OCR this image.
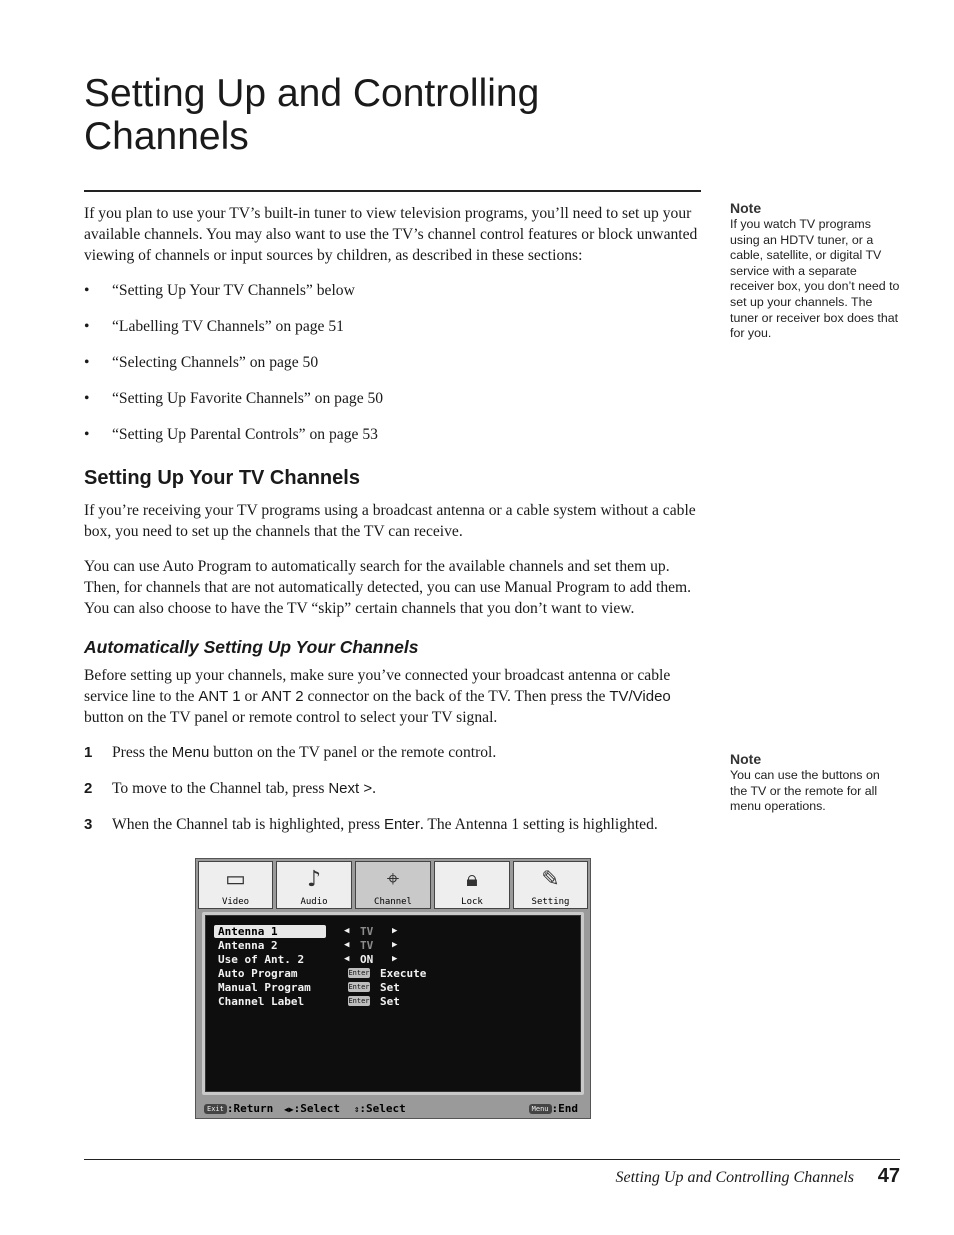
Setting Up and Controlling Channels

If you plan to use your TV’s built-in tuner to view television programs, you’ll need to set up your available channels. You may also want to use the TV’s channel control features or block unwanted viewing of channels or input sources by children, as described in these sections:

• “Setting Up Your TV Channels” below
• “Labelling TV Channels” on page 51
• “Selecting Channels” on page 50
• “Setting Up Favorite Channels” on page 50
• “Setting Up Parental Controls” on page 53
Setting Up Your TV Channels

If you’re receiving your TV programs using a broadcast antenna or a cable system without a cable box, you need to set up the channels that the TV can receive.

You can use Auto Program to automatically search for the available channels and set them up. Then, for channels that are not automatically detected, you can use Manual Program to add them. You can also choose to have the TV “skip” certain channels that you don’t want to view.

Automatically Setting Up Your Channels

Before setting up your channels, make sure you’ve connected your broadcast antenna or cable service line to the ANT 1 or ANT 2 connector on the back of the TV. Then press the TV/Video button on the TV panel or remote control to select your TV signal.

1 Press the Menu button on the TV panel or the remote control.
2 To move to the Channel tab, press Next >.
3 When the Channel tab is highlighted, press Enter. The Antenna 1 setting is highlighted.
Note
If you watch TV programs using an HDTV tuner, or a cable, satellite, or digital TV service with a separate receiver box, you don’t need to set up your channels. The tuner or receiver box does that for you.
Note
You can use the buttons on the TV or the remote for all menu operations.
▭
Video
♪
Audio
⌖
Channel
🔒︎
Lock
✎
Setting
Antenna 1	◀ TV ▶
Antenna 2	◀ TV ▶
Use of Ant. 2	◀ ON ▶
Auto Program	Enter Execute
Manual Program	Enter Set
Channel Label	Enter Set
Exit :Return ◀▶:Select ⇕:Select	Menu :End
Setting Up and Controlling Channels	47
